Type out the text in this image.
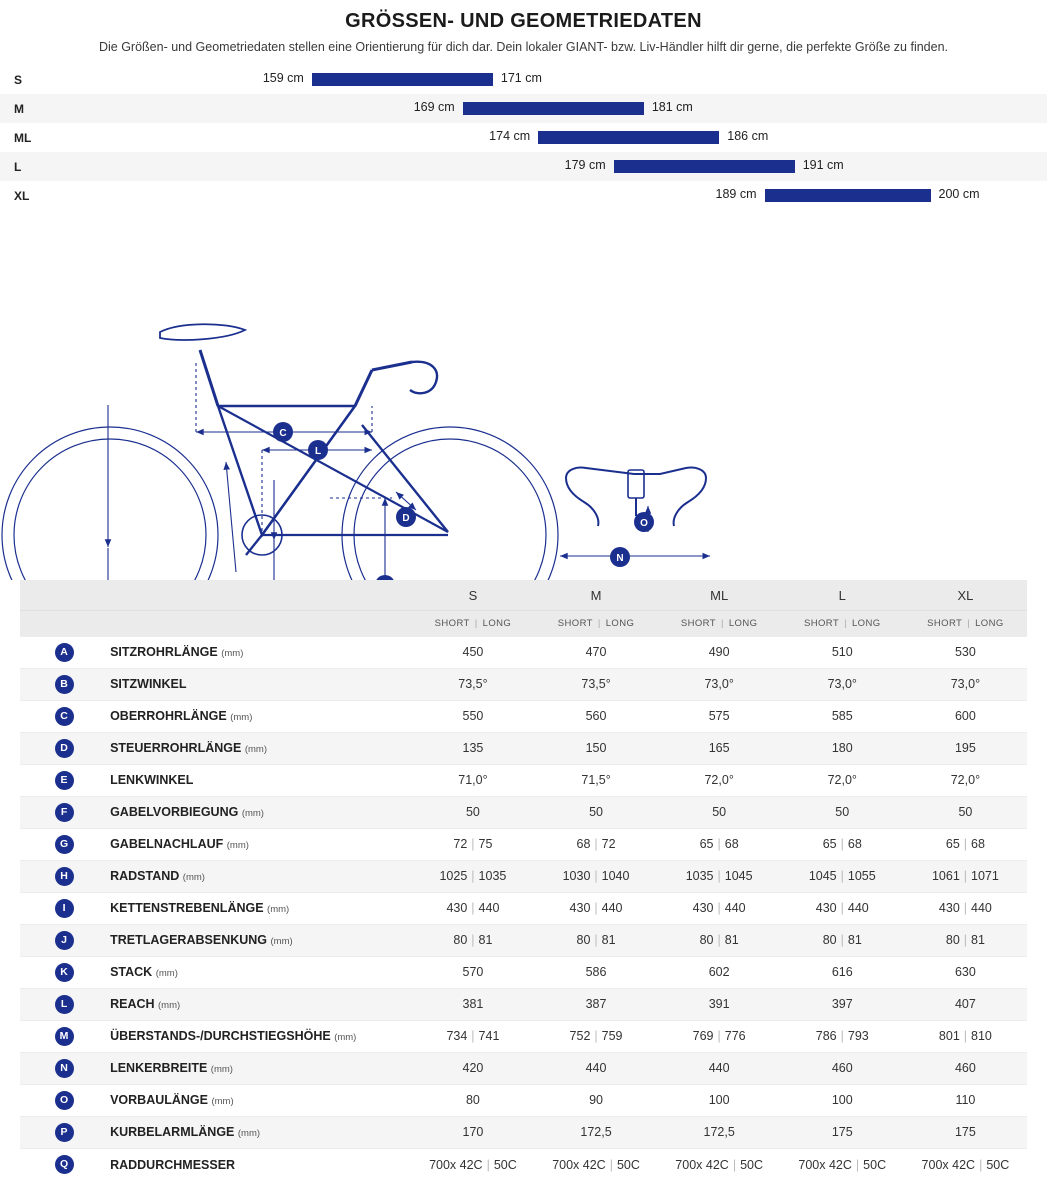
GRÖSSEN- UND GEOMETRIEDATEN

Die Größen- und Geometriedaten stellen eine Orientierung für dich dar. Dein lokaler GIANT- bzw. Liv-Händler hilft dir gerne, die perfekte Größe zu finden.

S	159 cm 171 cm

M	169 cm 181 cm

ML	174 cm 186 cm

L	179 cm 191 cm

XL	189 cm 200 cm
C
L
D
N
O
		S	M	ML	L	XL
		SHORT | LONG	SHORT | LONG	SHORT | LONG	SHORT | LONG	SHORT | LONG
A	SITZROHRLÄNGE (mm)	450	470	490	510	530
B	SITZWINKEL	73,5°	73,5°	73,0°	73,0°	73,0°
C	OBERROHRLÄNGE (mm)	550	560	575	585	600
D	STEUERROHRLÄNGE (mm)	135	150	165	180	195
E	LENKWINKEL	71,0°	71,5°	72,0°	72,0°	72,0°
F	GABELVORBIEGUNG (mm)	50	50	50	50	50
G	GABELNACHLAUF (mm)	72 | 75	68 | 72	65 | 68	65 | 68	65 | 68
H	RADSTAND (mm)	1025 | 1035	1030 | 1040	1035 | 1045	1045 | 1055	1061 | 1071
I	KETTENSTREBENLÄNGE (mm)	430 | 440	430 | 440	430 | 440	430 | 440	430 | 440
J	TRETLAGERABSENKUNG (mm)	80 | 81	80 | 81	80 | 81	80 | 81	80 | 81
K	STACK (mm)	570	586	602	616	630
L	REACH (mm)	381	387	391	397	407
M	ÜBERSTANDS-/DURCHSTIEGSHÖHE (mm)	734 | 741	752 | 759	769 | 776	786 | 793	801 | 810
N	LENKERBREITE (mm)	420	440	440	460	460
O	VORBAULÄNGE (mm)	80	90	100	100	110
P	KURBELARMLÄNGE (mm)	170	172,5	172,5	175	175
Q	RADDURCHMESSER	700x 42C | 50C	700x 42C | 50C	700x 42C | 50C	700x 42C | 50C	700x 42C | 50C
